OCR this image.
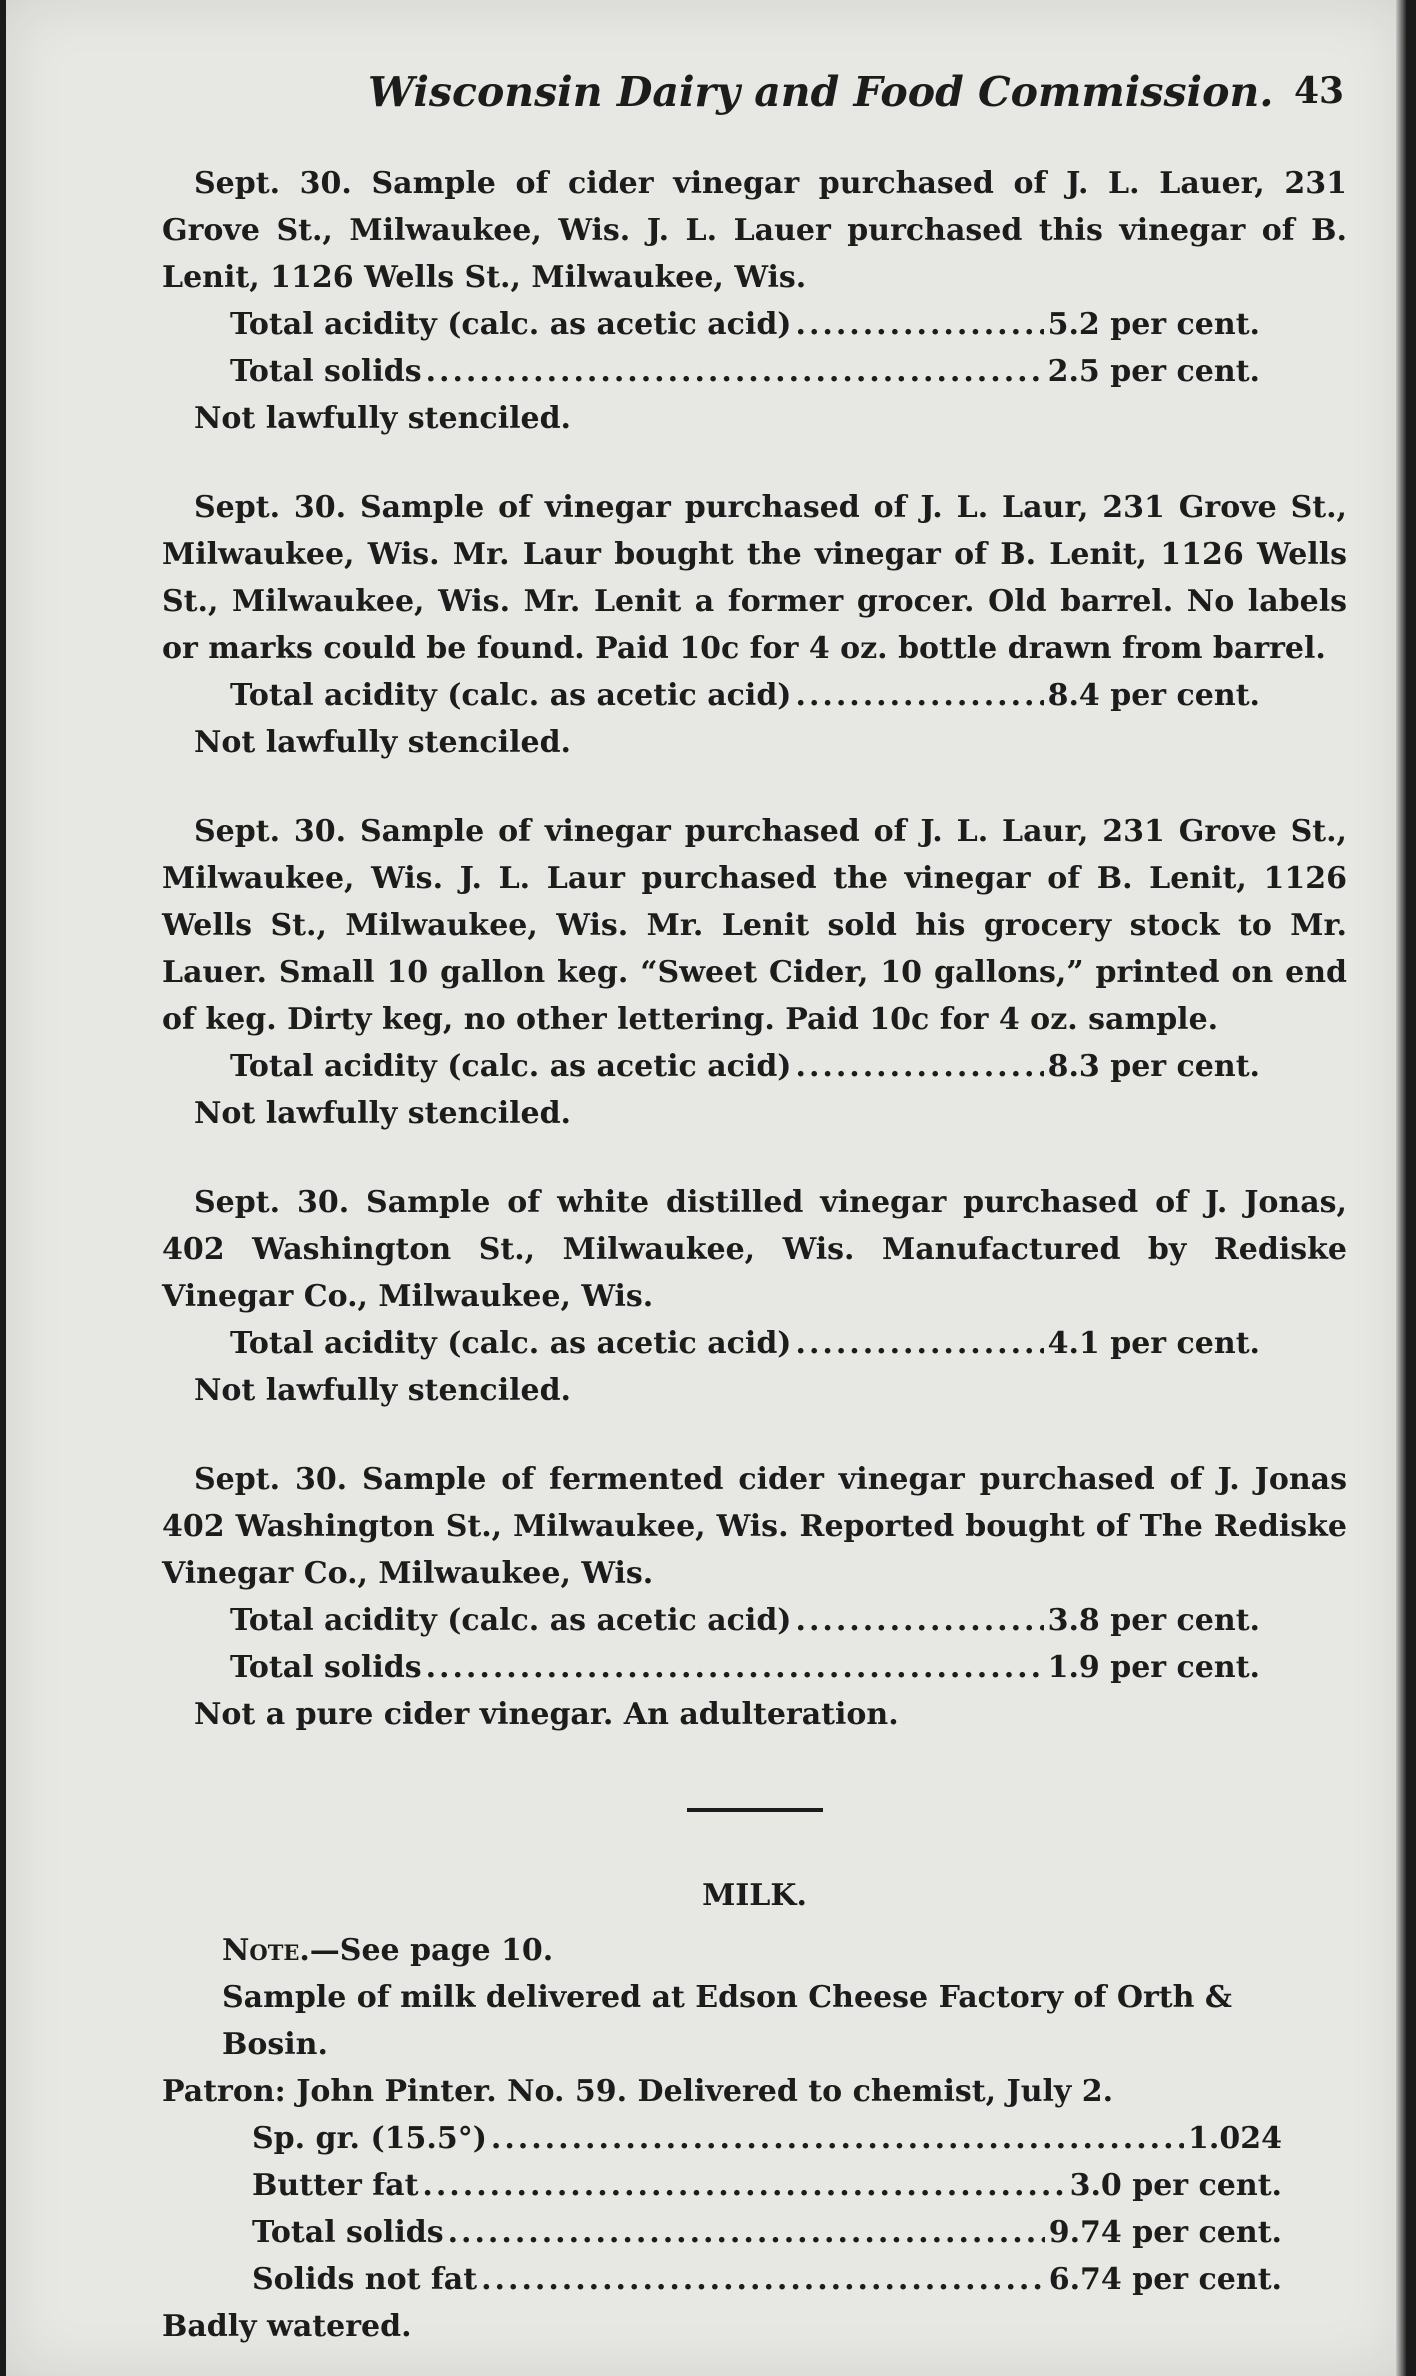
Wisconsin Dairy and Food Commission. 43

Sept. 30. Sample of cider vinegar purchased of J. L. Lauer, 231 Grove St., Milwaukee, Wis. J. L. Lauer purchased this vinegar of B. Lenit, 1126 Wells St., Milwaukee, Wis.

Total acidity (calc. as acetic acid) .....	5.2 per cent.
Total solids .....	2.5 per cent.
Not lawfully stenciled.

Sept. 30. Sample of vinegar purchased of J. L. Laur, 231 Grove St., Milwaukee, Wis. Mr. Laur bought the vinegar of B. Lenit, 1126 Wells St., Milwaukee, Wis. Mr. Lenit a former grocer. Old barrel. No labels or marks could be found. Paid 10c for 4 oz. bottle drawn from barrel.

Total acidity (calc. as acetic acid) .....	8.4 per cent.
Not lawfully stenciled.

Sept. 30. Sample of vinegar purchased of J. L. Laur, 231 Grove St., Milwaukee, Wis. J. L. Laur purchased the vinegar of B. Lenit, 1126 Wells St., Milwaukee, Wis. Mr. Lenit sold his grocery stock to Mr. Lauer. Small 10 gallon keg. “Sweet Cider, 10 gallons,” printed on end of keg. Dirty keg, no other lettering. Paid 10c for 4 oz. sample.

Total acidity (calc. as acetic acid) .....	8.3 per cent.
Not lawfully stenciled.

Sept. 30. Sample of white distilled vinegar purchased of J. Jonas, 402 Washington St., Milwaukee, Wis. Manufactured by Rediske Vinegar Co., Milwaukee, Wis.

Total acidity (calc. as acetic acid) .....	4.1 per cent.
Not lawfully stenciled.

Sept. 30. Sample of fermented cider vinegar purchased of J. Jonas 402 Washington St., Milwaukee, Wis. Reported bought of The Rediske Vinegar Co., Milwaukee, Wis.

Total acidity (calc. as acetic acid) .....	3.8 per cent.
Total solids .....	1.9 per cent.
Not a pure cider vinegar. An adulteration.
MILK.
Note.—See page 10.

Sample of milk delivered at Edson Cheese Factory of Orth & Bosin.

Patron: John Pinter. No. 59. Delivered to chemist, July 2.

Sp. gr. (15.5°) .....	1.024
Butter fat .....	3.0 per cent.
Total solids .....	9.74 per cent.
Solids not fat .....	6.74 per cent.
Badly watered.
